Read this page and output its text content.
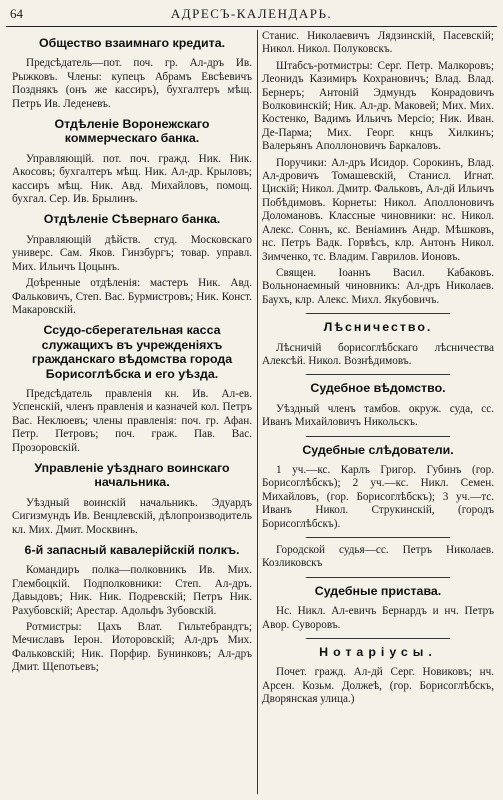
64	АДРЕСЪ-КАЛЕНДАРЬ.
Общество взаимнаго кредита.

Предсѣдатель—пот. поч. гр. Ал-дръ Ив. Рыжковъ. Члены: купецъ Абрамъ Евсѣевичъ Позднякъ (онъ же кассиръ), бухгалтеръ мѣщ. Петръ Ив. Леденевъ.

Отдѣленіе Воронежскаго коммерческаго банка.

Управляющій. пот. поч. гражд. Ник. Ник. Акосовъ; бухгалтеръ мѣщ. Ник. Ал-др. Крыловъ; кассиръ мѣщ. Ник. Авд. Михайловъ, помощ. бухгал. Сер. Ив. Брылинъ.

Отдѣленіе Сѣвернаго банка.

Управляющій дѣйств. студ. Московскаго универс. Сам. Яков. Гинзбургъ; товар. управл. Мих. Ильичъ Цоцынъ.

Доѣренные отдѣленія: мастеръ Ник. Авд. Фальковичъ, Степ. Вас. Бурмистровъ; Ник. Конст. Макаровскій.

Ссудо-сберегательная касса служащихъ въ учрежденіяхъ гражданскаго вѣдомства города Борисоглѣбска и его уѣзда.

Предсѣдатель правленія кн. Ив. Ал-ев. Успенскій, членъ правленія и казначей кол. Петръ Вас. Неклюевъ; члены правленія: поч. гр. Афан. Петр. Петровъ; поч. граж. Пав. Вас. Прозоровскій.

Управленіе уѣзднаго воинскаго начальника.

Уѣздный воинскій начальникъ. Эдуардъ Сигизмундъ Ив. Венцлевскій, дѣлопроизводитель кл. Мих. Дмит. Москвинъ.

6-й запасный кавалерійскій полкъ.

Командиръ полка—полковникъ Ив. Мих. Глембоцкій. Подполковники: Степ. Ал-дръ. Давыдовъ; Ник. Ник. Подревскій; Петръ Ник. Рахубовскій; Арестар. Адольфъ Зубовскій.

Ротмистры: Цахъ Влат. Гильтебрандтъ; Мечиславъ Іерон. Иоторовскій; Ал-дръ Мих. Фальковскій; Ник. Порфир. Бунинковъ; Ал-дръ Дмит. Щепотьевъ;

Станис. Николаевичъ Лядзинскій, Пасевскій; Никол. Никол. Полуковскъ.

Штабсъ-ротмистры: Серг. Петр. Малкоровъ; Леонидъ Казимиръ Кохрановичъ; Влад. Влад. Бернеръ; Антоній Эдмундъ Конрадовичъ Волковинскій; Ник. Ал-др. Маковей; Мих. Мих. Костенко, Вадимъ Ильичъ Мерсіо; Ник. Иван. Де-Парма; Мих. Георг. кнцъ Хилкинъ; Валерьянъ Аполлоновичъ Баркаловъ.

Поручики: Ал-дръ Исидор. Сорокинъ, Влад. Ал-дровичъ Томашевскій, Станисл. Игнат. Цискій; Никол. Дмитр. Фальковъ, Ал-дй Ильичъ Побѣдимовъ. Корнеты: Никол. Аполлоновичъ Доломановъ. Классные чиновники: нс. Никол. Алекс. Соннъ, кс. Веніаминъ Андр. Мѣшковъ, нс. Петръ Вадк. Горвѣсъ, клр. Антонъ Никол. Зимченко, тс. Владим. Гаврилов. Ионовъ.

Священ. Іоаннъ Васил. Кабаковъ. Вольнонаемный чиновникъ: Ал-дръ Николаев. Баухъ, клр. Алекс. Михл. Якубовичъ.

Лѣсничество.

Лѣсничій борисоглѣбскаго лѣсничества Алексѣй. Никол. Вознѣдимовъ.

Судебное вѣдомство.

Уѣздный членъ тамбов. окруж. суда, сс. Иванъ Михайловичъ Никольскъ.

Судебные слѣдователи.

1 уч.—кс. Карлъ Григор. Губинъ (гор. Борисоглѣбскъ); 2 уч.—кс. Никл. Семен. Михайловъ, (гор. Борисоглѣбскъ); 3 уч.—тс. Иванъ Никол. Струкинскій, (городъ Борисоглѣбскъ).

Городской судья—сс. Петръ Николаев. Козликовскъ

Судебные пристава.

Нс. Никл. Ал-евичъ Бернардъ и нч. Петръ Авор. Суворовъ.

Нотаріусы.

Почет. гражд. Ал-дй Серг. Новиковъ; нч. Арсен. Козьм. Должеѣ, (гор. Борисоглѣбскъ, Дворянская улица.)
